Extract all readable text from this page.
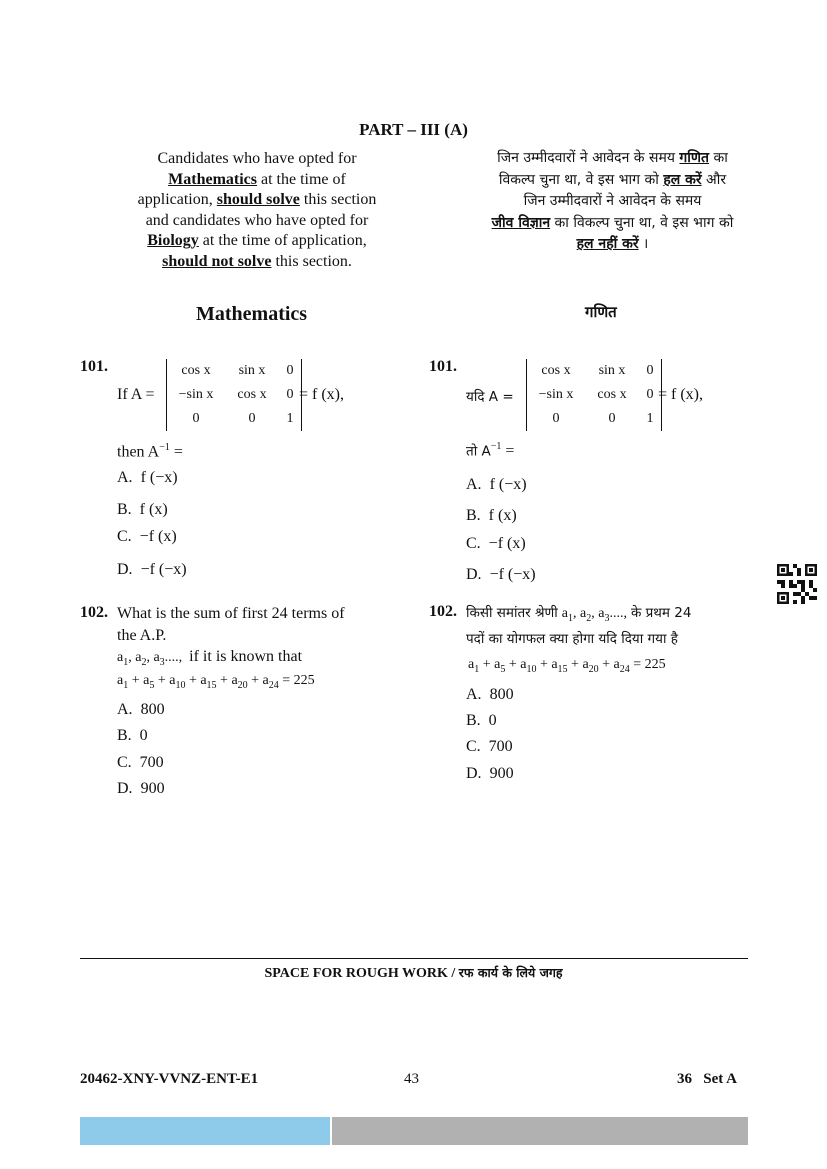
PART – III (A)
Candidates who have opted for
Mathematics at the time of
application, should solve this section
and candidates who have opted for
Biology at the time of application,
should not solve this section.
जिन उम्मीदवारों ने आवेदन के समय गणित का
विकल्प चुना था, वे इस भाग को हल करें और
जिन उम्मीदवारों ने आवेदन के समय
जीव विज्ञान का विकल्प चुना था, वे इस भाग को
हल नहीं करें ।
Mathematics	गणित
101.
If A =
cos x	sin x	0
−sin x	cos x	0
0	0	1
= f (x),
then $A^{-1}$ =
A. f (−x)
B. f (x)
C. −f (x)
D. −f (−x)
101.
यदि A =
cos x	sin x	0
−sin x	cos x	0
0	0	1
= f (x),
तो $A^{-1}$ =
A. f (−x)
B. f (x)
C. −f (x)
D. −f (−x)
102. What is the sum of first 24 terms of
the A.P.
$a_1$, $a_2$, $a_3$....,  if it is known that
$a_1 + a_5 + a_{10} + a_{15} + a_{20} + a_{24} = 225$
A. 800
B. 0
C. 700
D. 900
102. किसी समांतर श्रेणी $a_1$, $a_2$, $a_3$...., के प्रथम 24
पदों का योगफल क्या होगा यदि दिया गया है
$a_1 + a_5 + a_{10} + a_{15} + a_{20} + a_{24} = 225$
A. 800
B. 0
C. 700
D. 900
SPACE FOR ROUGH WORK / रफ कार्य के लिये जगह
20462-XNY-VVNZ-ENT-E1	43	36   Set A
